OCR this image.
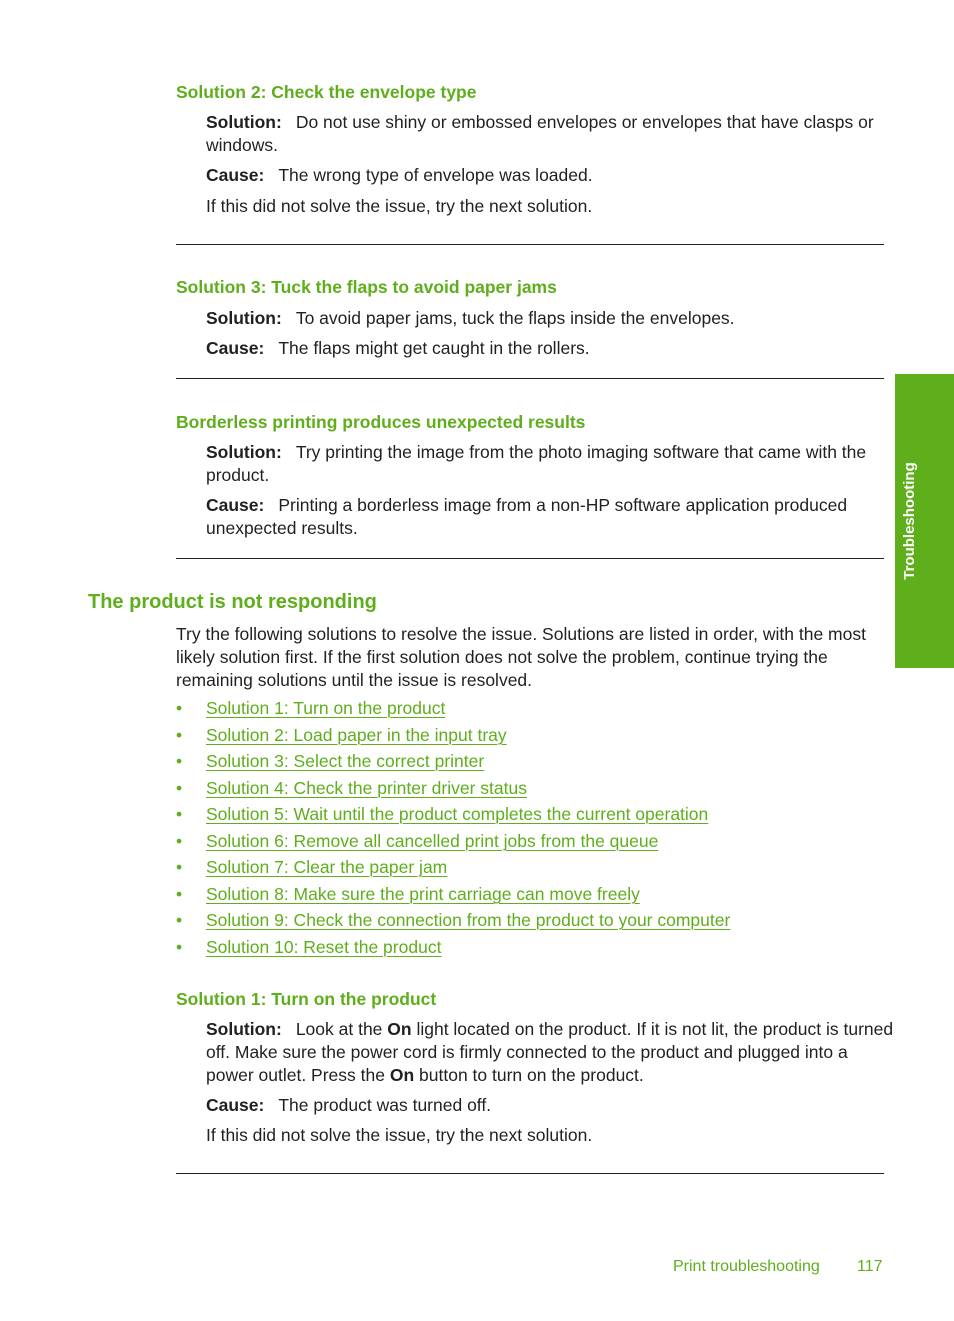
Solution 2: Check the envelope type
Solution: Do not use shiny or embossed envelopes or envelopes that have clasps or windows.
Cause: The wrong type of envelope was loaded.
If this did not solve the issue, try the next solution.
Solution 3: Tuck the flaps to avoid paper jams
Solution: To avoid paper jams, tuck the flaps inside the envelopes.
Cause: The flaps might get caught in the rollers.
Borderless printing produces unexpected results
Solution: Try printing the image from the photo imaging software that came with the product.
Cause: Printing a borderless image from a non-HP software application produced unexpected results.
The product is not responding
Try the following solutions to resolve the issue. Solutions are listed in order, with the most likely solution first. If the first solution does not solve the problem, continue trying the remaining solutions until the issue is resolved.
• Solution 1: Turn on the product
• Solution 2: Load paper in the input tray
• Solution 3: Select the correct printer
• Solution 4: Check the printer driver status
• Solution 5: Wait until the product completes the current operation
• Solution 6: Remove all cancelled print jobs from the queue
• Solution 7: Clear the paper jam
• Solution 8: Make sure the print carriage can move freely
• Solution 9: Check the connection from the product to your computer
• Solution 10: Reset the product
Solution 1: Turn on the product
Solution: Look at the On light located on the product. If it is not lit, the product is turned off. Make sure the power cord is firmly connected to the product and plugged into a power outlet. Press the On button to turn on the product.
Cause: The product was turned off.
If this did not solve the issue, try the next solution.
Troubleshooting
Print troubleshooting 117
